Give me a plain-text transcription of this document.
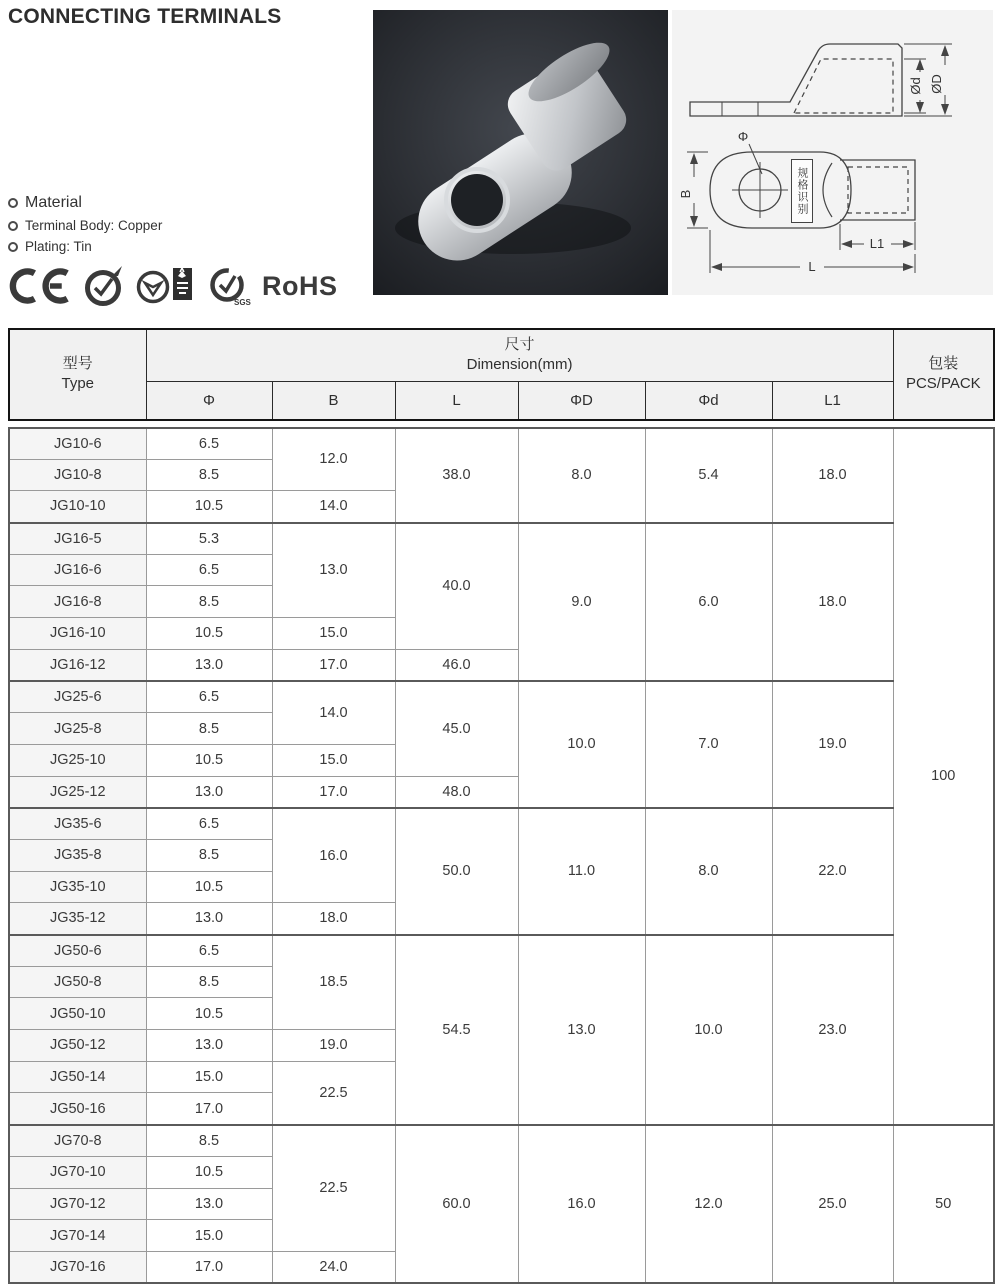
CONNECTING TERMINALS
Material
Terminal Body: Copper
Plating: Tin
SGS
RoHS
Ød ØD
Φ
B
L1
L
规格识别
型号
Type

尺寸
Dimension(mm)	包装
PCS/PACK

	Φ	B	L	ΦD	Φd	L1	
JG10-6	6.5	12.0	38.0	8.0	5.4	18.0	100
JG10-8	8.5						
JG10-10	10.5	14.0					
JG16-5	5.3	13.0	40.0	9.0	6.0	18.0	
JG16-6	6.5						
JG16-8	8.5						
JG16-10	10.5	15.0					
JG16-12	13.0	17.0	46.0				
JG25-6	6.5	14.0	45.0	10.0	7.0	19.0	
JG25-8	8.5						
JG25-10	10.5	15.0					
JG25-12	13.0	17.0	48.0				
JG35-6	6.5	16.0	50.0	11.0	8.0	22.0	
JG35-8	8.5						
JG35-10	10.5						
JG35-12	13.0	18.0					
JG50-6	6.5	18.5	54.5	13.0	10.0	23.0	
JG50-8	8.5						
JG50-10	10.5						
JG50-12	13.0	19.0					
JG50-14	15.0	22.5					
JG50-16	17.0						
JG70-8	8.5	22.5	60.0	16.0	12.0	25.0	50
JG70-10	10.5						
JG70-12	13.0						
JG70-14	15.0						
JG70-16	17.0	24.0					
